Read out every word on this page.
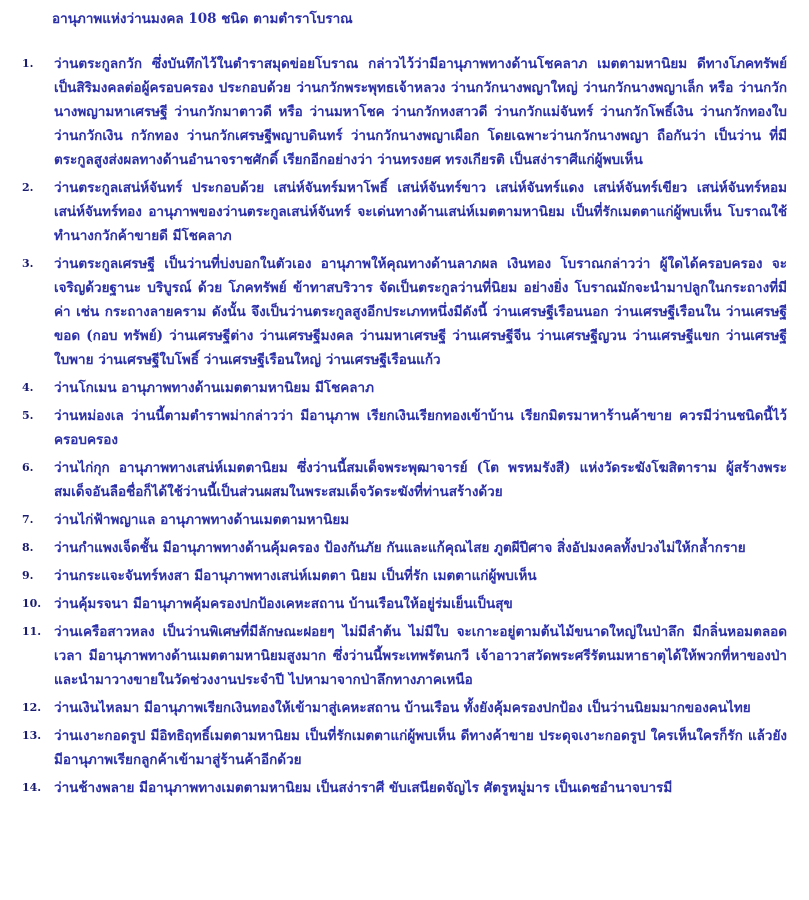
อานุภาพแห่งว่านมงคล 108 ชนิด ตามตำราโบราณ
1.	ว่านตระกูลกวัก ซึ่งบันทึกไว้ในตำราสมุดข่อยโบราณ กล่าวไว้ว่ามีอานุภาพทางด้านโชคลาภ เมตตามหานิยม ดีทางโภคทรัพย์ เป็นสิริมงคลต่อผู้ครอบครอง ประกอบด้วย ว่านกวักพระพุทธเจ้าหลวง ว่านกวักนางพญาใหญ่ ว่านกวักนางพญาเล็ก หรือ ว่านกวักนางพญามหาเศรษฐี ว่านกวักมาตาวดี หรือ ว่านมหาโชค ว่านกวักหงสาวดี ว่านกวักแม่จันทร์ ว่านกวักโพธิ์เงิน ว่านกวักทองใบ ว่านกวักเงิน กวักทอง ว่านกวักเศรษฐีพญาบดินทร์ ว่านกวักนางพญาเผือก โดยเฉพาะว่านกวักนางพญา ถือกันว่า เป็นว่าน ที่มีตระกูลสูงส่งผลทางด้านอำนาจราชศักดิ์ เรียกอีกอย่างว่า ว่านทรงยศ ทรงเกียรติ เป็นสง่าราศีแก่ผู้พบเห็น
2.	ว่านตระกูลเสน่ห์จันทร์ ประกอบด้วย เสน่ห์จันทร์มหาโพธิ์ เสน่ห์จันทร์ขาว เสน่ห์จันทร์แดง เสน่ห์จันทร์เขียว เสน่ห์จันทร์หอม เสน่ห์จันทร์ทอง อานุภาพของว่านตระกูลเสน่ห์จันทร์ จะเด่นทางด้านเสน่ห์เมตตามหานิยม เป็นที่รักเมตตาแก่ผู้พบเห็น โบราณใช้ทำนางกวักค้าขายดี มีโชคลาภ
3.	ว่านตระกูลเศรษฐี เป็นว่านที่บ่งบอกในตัวเอง อานุภาพให้คุณทางด้านลาภผล เงินทอง โบราณกล่าวว่า ผู้ใดได้ครอบครอง จะเจริญด้วยฐานะ บริบูรณ์ ด้วย โภคทรัพย์ ข้าทาสบริวาร จัดเป็นตระกูลว่านที่นิยม อย่างยิ่ง โบราณมักจะนำมาปลูกในกระถางที่มีค่า เช่น กระถางลายคราม ดังนั้น จึงเป็นว่านตระกูลสูงอีกประเภทหนึ่งมีดังนี้ ว่านเศรษฐีเรือนนอก ว่านเศรษฐีเรือนใน ว่านเศรษฐีขอด (กอบ ทรัพย์) ว่านเศรษฐีต่าง ว่านเศรษฐีมงคล ว่านมหาเศรษฐี ว่านเศรษฐีจีน ว่านเศรษฐีญวน ว่านเศรษฐีแขก ว่านเศรษฐีใบพาย ว่านเศรษฐีใบโพธิ์ ว่านเศรษฐีเรือนใหญ่ ว่านเศรษฐีเรือนแก้ว
4.	ว่านโกเมน อานุภาพทางด้านเมตตามหานิยม มีโชคลาภ
5.	ว่านหม่องเล ว่านนี้ตามตำราพม่ากล่าวว่า มีอานุภาพ เรียกเงินเรียกทองเข้าบ้าน เรียกมิตรมาหาร้านค้าขาย ควรมีว่านชนิดนี้ไว้ครอบครอง
6.	ว่านไก่กุก อานุภาพทางเสน่ห์เมตตานิยม ซึ่งว่านนี้สมเด็จพระพุฒาจารย์ (โต พรหมรังสี) แห่งวัดระฆังโฆสิตาราม ผู้สร้างพระสมเด็จอันลือชื่อก็ได้ใช้ว่านนี้เป็นส่วนผสมในพระสมเด็จวัดระฆังที่ท่านสร้างด้วย
7.	ว่านไก่ฟ้าพญาแล อานุภาพทางด้านเมตตามหานิยม
8.	ว่านกำแพงเจ็ดชั้น มีอานุภาพทางด้านคุ้มครอง ป้องกันภัย กันและแก้คุณไสย ภูตผีปีศาจ สิ่งอัปมงคลทั้งปวงไม่ให้กล้ำกราย
9.	ว่านกระแจะจันทร์หงสา มีอานุภาพทางเสน่ห์เมตตา นิยม เป็นที่รัก เมตตาแก่ผู้พบเห็น
10. ว่านคุ้มรจนา มีอานุภาพคุ้มครองปกป้องเคหะสถาน บ้านเรือนให้อยู่ร่มเย็นเป็นสุข
11. ว่านเครือสาวหลง เป็นว่านพิเศษที่มีลักษณะฝอยๆ ไม่มีลำต้น ไม่มีใบ จะเกาะอยู่ตามต้นไม้ขนาดใหญ่ในป่าลึก มีกลิ่นหอมตลอดเวลา มีอานุภาพทางด้านเมตตามหานิยมสูงมาก ซึ่งว่านนี้พระเทพรัตนกวี เจ้าอาวาสวัดพระศรีรัตนมหาธาตุได้ให้พวกที่หาของป่า และนำมาวางขายในวัดช่วงงานประจำปี ไปหามาจากป่าลึกทางภาคเหนือ
12. ว่านเงินไหลมา มีอานุภาพเรียกเงินทองให้เข้ามาสู่เคหะสถาน บ้านเรือน ทั้งยังคุ้มครองปกป้อง เป็นว่านนิยมมากของคนไทย
13. ว่านเงาะกอดรูป มีอิทธิฤทธิ์เมตตามหานิยม เป็นที่รักเมตตาแก่ผู้พบเห็น ดีทางค้าขาย ประดุจเงาะกอดรูป ใครเห็นใครก็รัก แล้วยังมีอานุภาพเรียกลูกค้าเข้ามาสู่ร้านค้าอีกด้วย
14. ว่านช้างพลาย มีอานุภาพทางเมตตามหานิยม เป็นสง่าราศี ขับเสนียดจัญไร ศัตรูหมู่มาร เป็นเดชอำนาจบารมี
